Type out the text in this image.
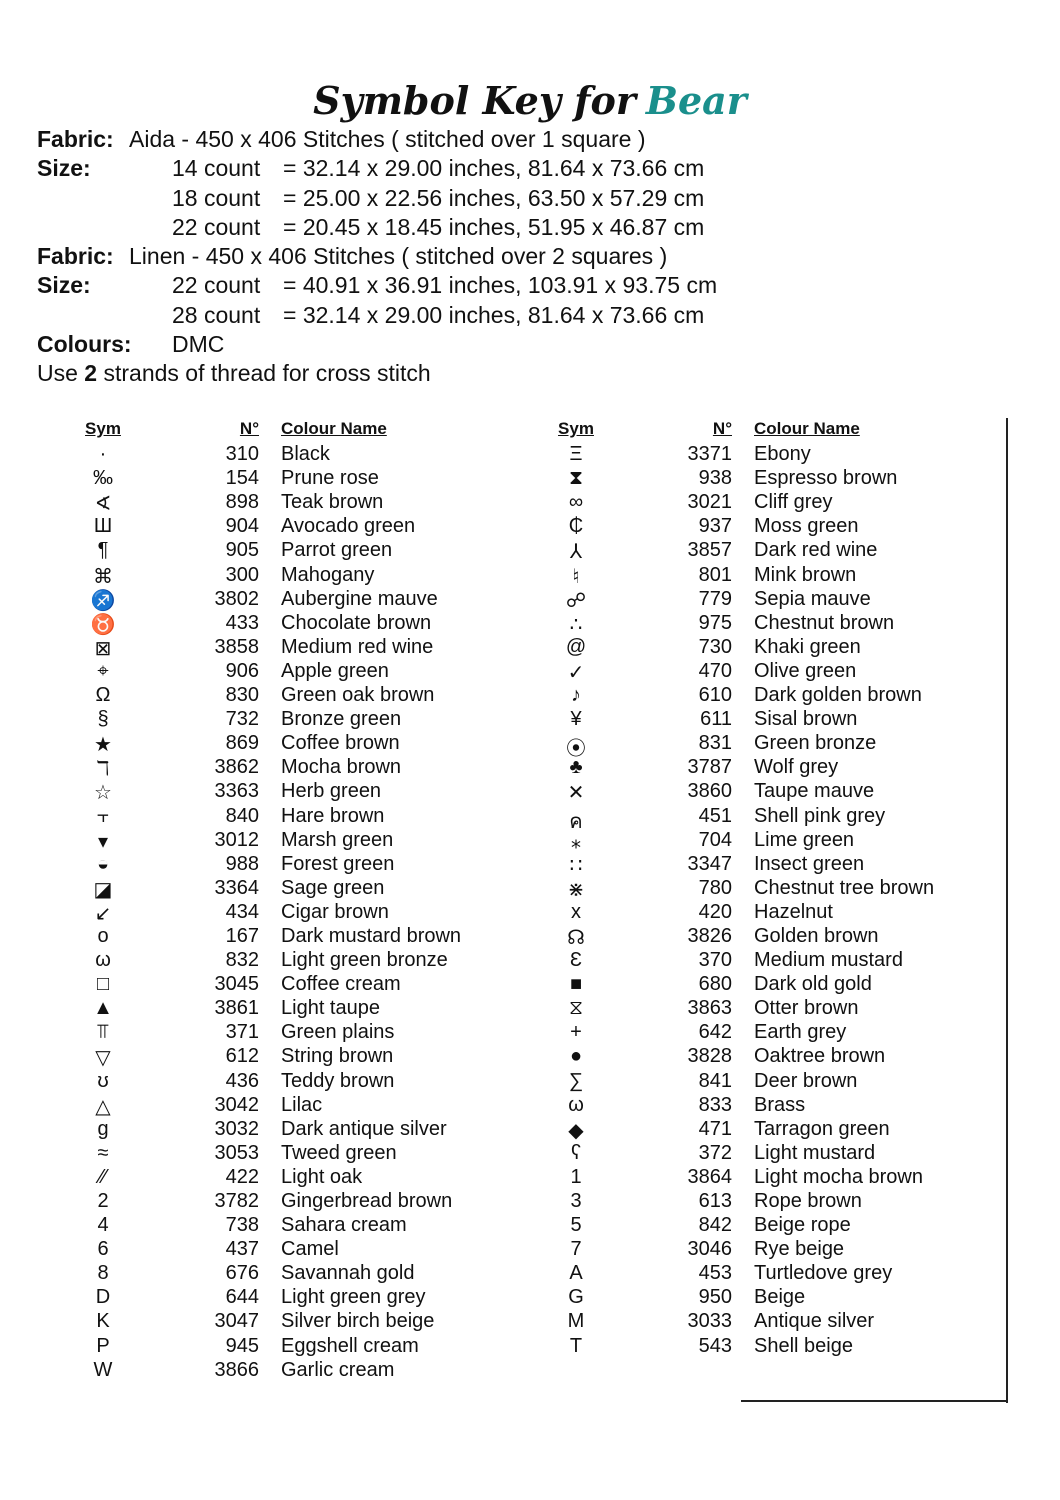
Symbol Key for Bear
Fabric: Aida - 450 x 406 Stitches ( stitched over 1 square )
Size:	14 count = 32.14 x 29.00 inches, 81.64 x 73.66 cm
18 count = 25.00 x 22.56 inches, 63.50 x 57.29 cm
22 count = 20.45 x 18.45 inches, 51.95 x 46.87 cm
Fabric: Linen - 450 x 406 Stitches ( stitched over 2 squares )
Size:	22 count = 40.91 x 36.91 inches, 103.91 x 93.75 cm
28 count = 32.14 x 29.00 inches, 81.64 x 73.66 cm
Colours: DMC
Use 2 strands of thread for cross stitch
Sym	N° Colour Name
·	310 Black
‰	154 Prune rose
∢	898 Teak brown
Ш	904 Avocado green
¶	905 Parrot green
⌘	300 Mahogany
♐	3802 Aubergine mauve
♉	433 Chocolate brown
⊠	3858 Medium red wine
⌖	906 Apple green
Ω	830 Green oak brown
§	732 Bronze green
★	869 Coffee brown
ℸ	3862 Mocha brown
☆	3363 Herb green
⫟	840 Hare brown
▾	3012 Marsh green
◒	988 Forest green
◪	3364 Sage green
↙	434 Cigar brown
o	167 Dark mustard brown
ω	832 Light green bronze
□	3045 Coffee cream
▲	3861 Light taupe
⫪	371 Green plains
▽	612 String brown
ʊ	436 Teddy brown
△	3042 Lilac
g	3032 Dark antique silver
≈	3053 Tweed green
⁄⁄	422 Light oak
2	3782 Gingerbread brown
4	738 Sahara cream
6	437 Camel
8	676 Savannah gold
D	644 Light green grey
K	3047 Silver birch beige
P	945 Eggshell cream
W	3866 Garlic cream
Sym	N° Colour Name
Ξ	3371 Ebony
⧗	938 Espresso brown
∞	3021 Cliff grey
₵	937 Moss green
⅄	3857 Dark red wine
♮	801 Mink brown
☍	779 Sepia mauve
∴	975 Chestnut brown
@	730 Khaki green
✓	470 Olive green
♪	610 Dark golden brown
¥	611 Sisal brown
⦿	831 Green bronze
♣	3787 Wolf grey
✕	3860 Taupe mauve
ค	451 Shell pink grey
⁎	704 Lime green
∷	3347 Insect green
⋇	780 Chestnut tree brown
x	420 Hazelnut
☊	3826 Golden brown
Ɛ	370 Medium mustard
■	680 Dark old gold
⧖	3863 Otter brown
+	642 Earth grey
●	3828 Oaktree brown
∑	841 Deer brown
ω	833 Brass
◆	471 Tarragon green
ʕ	372 Light mustard
1	3864 Light mocha brown
3	613 Rope brown
5	842 Beige rope
7	3046 Rye beige
A	453 Turtledove grey
G	950 Beige
M	3033 Antique silver
T	543 Shell beige
